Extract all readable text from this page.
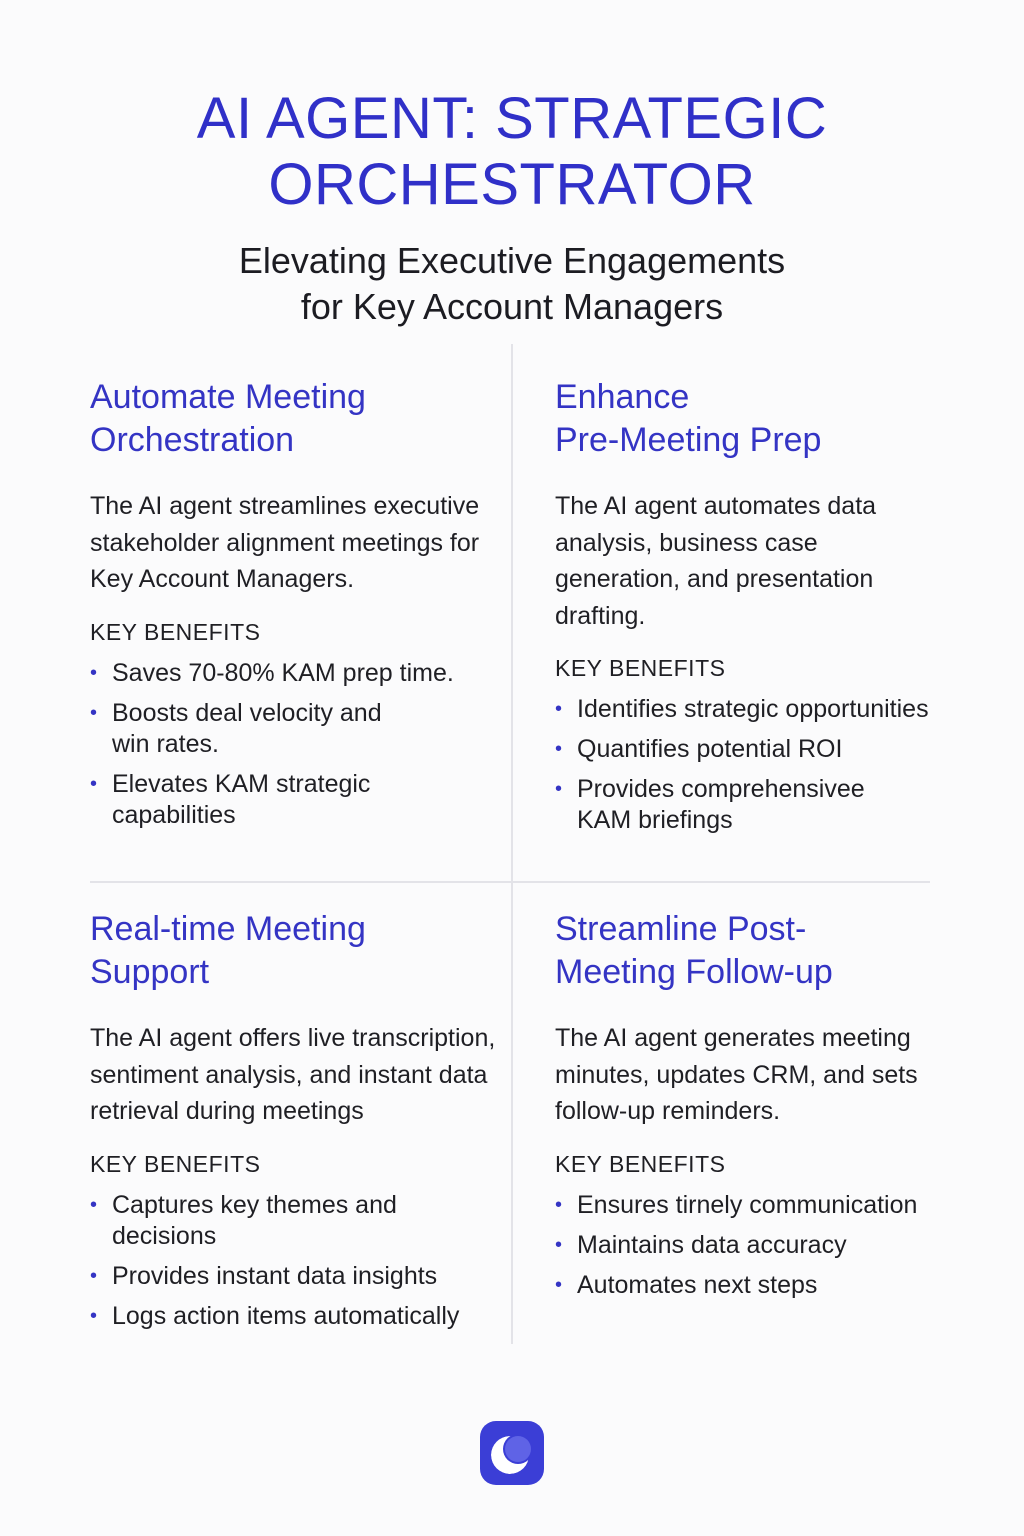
AI AGENT: STRATEGIC
ORCHESTRATOR

Elevating Executive Engagements
for Key Account Managers

Automate Meeting
Orchestration

The AI agent streamlines executive stakeholder alignment meetings for Key Account Managers.

KEY BENEFITS

• Saves 70-80% KAM prep time.
• Boosts deal velocity and win rates.
• Elevates KAM strategic capabilities
Enhance
Pre-Meeting Prep

The AI agent automates data analysis, business case generation, and presentation drafting.

KEY BENEFITS

• Identifies strategic opportunities
• Quantifies potential ROI
• Provides comprehensivee KAM briefings
Real-time Meeting
Support

The AI agent offers live transcription, sentiment analysis, and instant data retrieval during meetings

KEY BENEFITS

• Captures key themes and decisions
• Provides instant data insights
• Logs action items automatically
Streamline Post-
Meeting Follow-up

The AI agent generates meeting minutes, updates CRM, and sets follow-up reminders.

KEY BENEFITS

• Ensures tirnely communication
• Maintains data accuracy
• Automates next steps
